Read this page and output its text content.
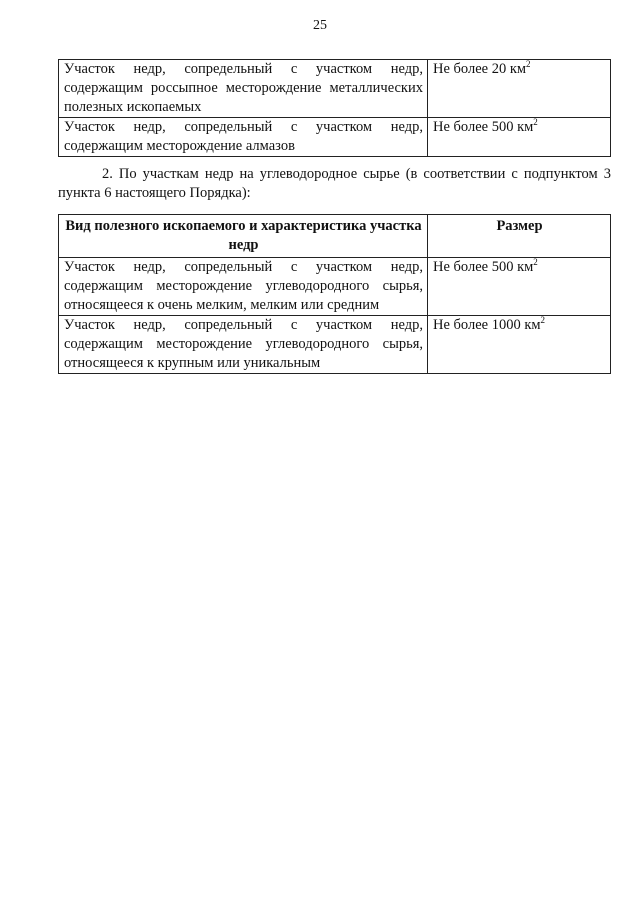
25
Участок недр, сопредельный с участком недр, содержащим россыпное месторождение металлических полезных ископаемых	Не более 20 $км^2$
Участок недр, сопредельный с участком недр, содержащим месторождение алмазов	Не более 500 $км^2$
2. По участкам недр на углеводородное сырье (в соответствии с подпунктом 3 пункта 6 настоящего Порядка):
Вид полезного ископаемого и характеристика участка недр	Размер
Участок недр, сопредельный с участком недр, содержащим месторождение углеводородного сырья, относящееся к очень мелким, мелким или средним	Не более 500 $км^2$
Участок недр, сопредельный с участком недр, содержащим месторождение углеводородного сырья, относящееся к крупным или уникальным	Не более 1000 $км^2$
